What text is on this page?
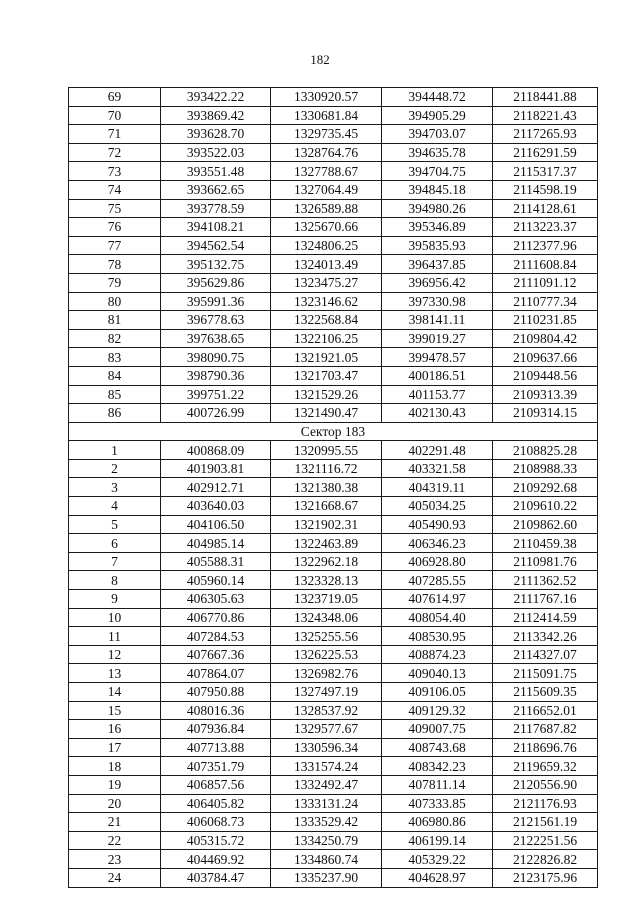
182
69	393422.22	1330920.57	394448.72	2118441.88
70	393869.42	1330681.84	394905.29	2118221.43
71	393628.70	1329735.45	394703.07	2117265.93
72	393522.03	1328764.76	394635.78	2116291.59
73	393551.48	1327788.67	394704.75	2115317.37
74	393662.65	1327064.49	394845.18	2114598.19
75	393778.59	1326589.88	394980.26	2114128.61
76	394108.21	1325670.66	395346.89	2113223.37
77	394562.54	1324806.25	395835.93	2112377.96
78	395132.75	1324013.49	396437.85	2111608.84
79	395629.86	1323475.27	396956.42	2111091.12
80	395991.36	1323146.62	397330.98	2110777.34
81	396778.63	1322568.84	398141.11	2110231.85
82	397638.65	1322106.25	399019.27	2109804.42
83	398090.75	1321921.05	399478.57	2109637.66
84	398790.36	1321703.47	400186.51	2109448.56
85	399751.22	1321529.26	401153.77	2109313.39
86	400726.99	1321490.47	402130.43	2109314.15
Сектор 183				
1	400868.09	1320995.55	402291.48	2108825.28
2	401903.81	1321116.72	403321.58	2108988.33
3	402912.71	1321380.38	404319.11	2109292.68
4	403640.03	1321668.67	405034.25	2109610.22
5	404106.50	1321902.31	405490.93	2109862.60
6	404985.14	1322463.89	406346.23	2110459.38
7	405588.31	1322962.18	406928.80	2110981.76
8	405960.14	1323328.13	407285.55	2111362.52
9	406305.63	1323719.05	407614.97	2111767.16
10	406770.86	1324348.06	408054.40	2112414.59
11	407284.53	1325255.56	408530.95	2113342.26
12	407667.36	1326225.53	408874.23	2114327.07
13	407864.07	1326982.76	409040.13	2115091.75
14	407950.88	1327497.19	409106.05	2115609.35
15	408016.36	1328537.92	409129.32	2116652.01
16	407936.84	1329577.67	409007.75	2117687.82
17	407713.88	1330596.34	408743.68	2118696.76
18	407351.79	1331574.24	408342.23	2119659.32
19	406857.56	1332492.47	407811.14	2120556.90
20	406405.82	1333131.24	407333.85	2121176.93
21	406068.73	1333529.42	406980.86	2121561.19
22	405315.72	1334250.79	406199.14	2122251.56
23	404469.92	1334860.74	405329.22	2122826.82
24	403784.47	1335237.90	404628.97	2123175.96
